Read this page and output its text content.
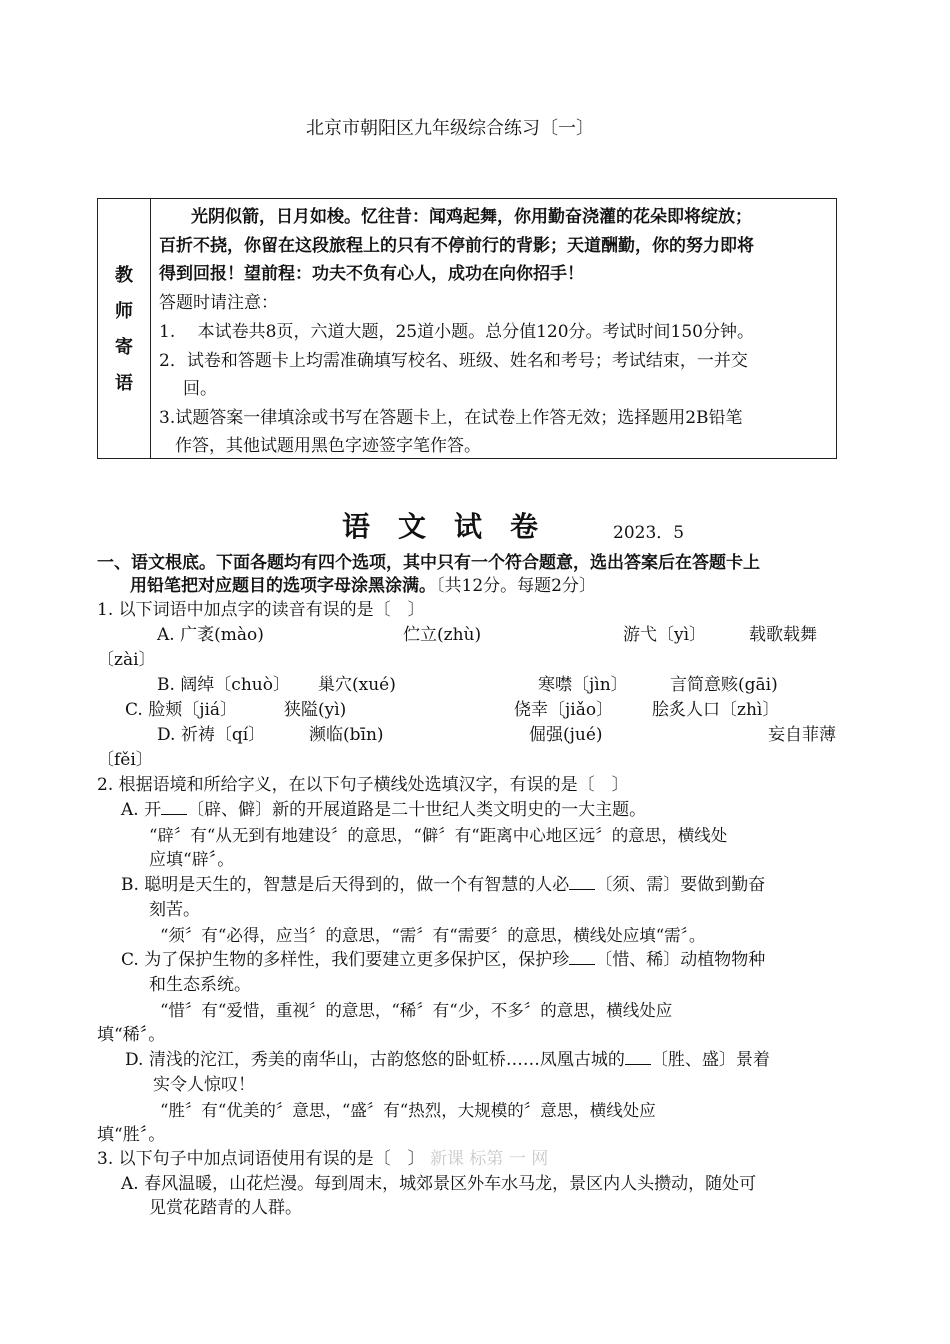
北京市朝阳区九年级综合练习〔一〕
教
师
寄
语
光阴似箭，日月如梭。忆往昔：闻鸡起舞，你用勤奋浇灌的花朵即将绽放；
百折不挠，你留在这段旅程上的只有不停前行的背影；天道酬勤，你的努力即将
得到回报！望前程：功夫不负有心人，成功在向你招手！
答题时请注意：
1.　 本试卷共8页，六道大题，25道小题。总分值120分。考试时间150分钟。
2．试卷和答题卡上均需准确填写校名、班级、姓名和考号；考试结束，一并交
回。
3.试题答案一律填涂或书写在答题卡上，在试卷上作答无效；选择题用2B铅笔
作答，其他试题用黑色字迹签字笔作答。
语文试卷	2023．5
一、语文根底。下面各题均有四个选项，其中只有一个符合题意，选出答案后在答题卡上
用铅笔把对应题目的选项字母涂黑涂满。〔共12分。每题2分〕
1. 以下词语中加点字的读音有误的是〔　〕
A. 广袤(mào)	伫立(zhù)	游弋〔yì〕	载歌载舞
〔zài〕
B. 阔绰〔chuò〕 巢穴(xué)	寒噤〔jìn〕 言简意赅(gāi)
C. 脸颊〔jiá〕	狭隘(yì)	侥幸〔jiǎo〕 脍炙人口〔zhì〕
D. 祈祷〔qí〕	濒临(bīn)	倔强(jué)	妄自菲薄
〔fěi〕
2. 根据语境和所给字义，在以下句子横线处选填汉字，有误的是〔　〕
A. 开 〔辟、僻〕新的开展道路是二十世纪人类文明史的一大主题。
“辟〞有“从无到有地建设〞的意思，“僻〞有“距离中心地区远〞的意思，横线处
应填“辟〞。
B. 聪明是天生的，智慧是后天得到的，做一个有智慧的人必 〔须、需〕要做到勤奋
刻苦。
“须〞有“必得，应当〞的意思，“需〞有“需要〞的意思，横线处应填“需〞。
C. 为了保护生物的多样性，我们要建立更多保护区，保护珍 〔惜、稀〕动植物物种
和生态系统。
“惜〞有“爱惜，重视〞的意思，“稀〞有“少，不多〞的意思，横线处应
填“稀〞。
D. 清浅的沱江，秀美的南华山，古韵悠悠的卧虹桥……凤凰古城的 〔胜、盛〕景着
实令人惊叹！
“胜〞有“优美的〞意思，“盛〞有“热烈，大规模的〞意思，横线处应
填“胜〞。
3. 以下句子中加点词语使用有误的是〔　〕 新课 标第 一 网
A. 春风温暖，山花烂漫。每到周末，城郊景区外车水马龙，景区内人头攒动，随处可
见赏花踏青的人群。
